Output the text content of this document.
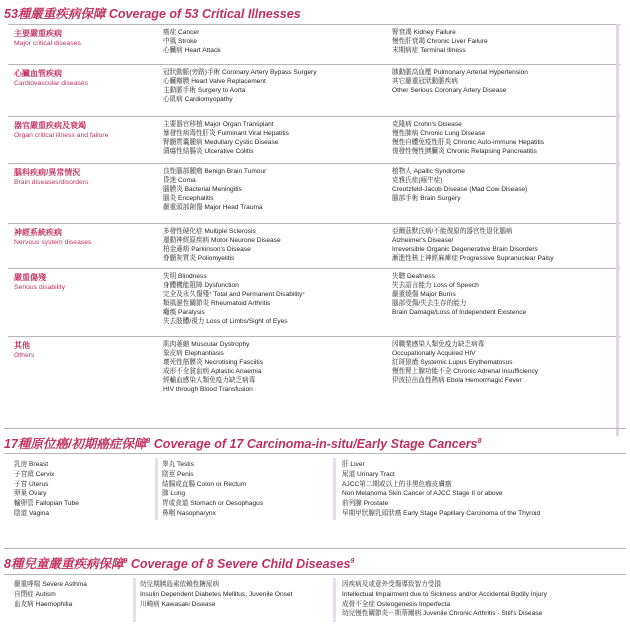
53種嚴重疾病保障 Coverage of 53 Critical Illnesses
主要嚴重疾病
Major critical diseases
癌症 Cancer
中風 Stroke
心臟病 Heart Attack
腎衰竭 Kidney Failure
慢性肝衰竭 Chronic Liver Failure
末期病症 Terminal Illness
心臟血管疾病
Cardiovascular diseases
冠狀動脈(旁路)手術 Coronary Artery Bypass Surgery
心臟瓣膜 Heart Valve Replacement
主動脈手術 Surgery to Aorta
心肌病 Cardiomyopathy
肺動脈高血壓 Pulmonary Arterial Hypertension
其它嚴重冠狀動脈疾病
Other Serious Coronary Artery Disease
器官嚴重疾病及衰竭
Organ critical illness and failure
主要器官移植 Major Organ Transplant
暴發性病毒性肝炎 Fulminant Viral Hepatitis
腎髓質囊腫病 Medullary Cystic Disease
潰瘍性結腸炎 Ulcerative Colitis
克隆病 Crohn's Disease
慢性肺病 Chronic Lung Disease
慢性自體免疫性肝炎 Chronic Auto-immune Hepatitis
復發性慢性胰臟炎 Chronic Relapsing Pancreatitis
腦科疾病/異常情況
Brain diseases/disorders
良性腦部腫瘤 Benign Brain Tumour
昏迷 Coma
腦膜炎 Bacterial Meningitis
腦炎 Encephalitis
嚴重頭部創傷 Major Head Trauma
植物人 Apallic Syndrome
克雅氏症(瘋牛症)
Creutzfeld-Jacob Disease (Mad Cow Disease)
腦部手術 Brain Surgery
神經系統疾病
Nervous system diseases
多發性硬化症 Multiple Sclerosis
運動神經原疾病 Motor Neurone Disease
柏金遜病 Parkinson's Disease
脊髓灰質炎 Poliomyelitis
亞爾茲默氏病/不能復原的器官性退化腦病
Alzheimer's Disease/
Irreversible Organic Degenerative Brain Disorders
漸進性核上神經麻痺症 Progressive Supranuclear Palsy
嚴重傷殘
Serious disability
失明 Blindness
身體機能阻障 Dysfunction
完全及永久傷殘⁷ Total and Permanent Disability⁷
類風濕性關節炎 Rheumatoid Arthritis
癱瘓 Paralysis
失去肢體/視力 Loss of Limbs/Sight of Eyes
失聰 Deafness
失去語言能力 Loss of Speech
嚴重燒傷 Major Burns
腦部受傷/失去生存的能力
Brain Damage/Loss of Independent Existence
其他
Others
肌肉萎縮 Muscular Dystrophy
象皮病 Elephantiasis
壞死性筋膜炎 Necrotising Fasciitis
成形不全貧血病 Aplastic Anaemia
經輸血感染人類免疫力缺乏病毒
HIV through Blood Transfusion
因職業感染人類免疫力缺乏病毒
Occupationally Acquired HIV
紅斑狼瘡 Systemic Lupus Erythematosus
慢性腎上腺功能不全 Chronic Adrenal Insufficiency
伊波拉出血性熱病 Ebola Hemorrhagic Fever
17種原位癌/初期癌症保障$^8$ Coverage of 17 Carcinoma-in-situ/Early Stage Cancers$^8$
乳房 Breast
子宮頸 Cervix
子宮 Uterus
卵巢 Ovary
輸卵管 Fallopian Tube
陰道 Vagina
睾丸 Testis
陰莖 Penis
結腸或直腸 Colon or Rectum
肺 Lung
胃或食道 Stomach or Oesophagus
鼻咽 Nasopharynx
肝 Liver
尿道 Urinary Tract
AJCC第二期或以上的非黑色瘤皮膚癌
Non Melanoma Skin Cancer of AJCC Stage II or above
前列腺 Prostate
早期甲狀腺乳頭狀癌 Early Stage Papillary Carcinoma of the Thyroid
8種兒童嚴重疾病保障$^9$ Coverage of 8 Severe Child Diseases$^9$
嚴重哮喘 Severe Asthma
自閉症 Autism
血友病 Haemophilia
幼兒期胰島素依賴性糖尿病
Insulin Dependent Diabetes Mellitus, Juvenile Onset
川崎病 Kawasaki Disease
因疾病及或意外受傷導致智力受損
Intellectual Impairment due to Sickness and/or Accidental Bodily Injury
成骨不全症 Osteogenesis Imperfecta
幼兒慢性關節炎－斯蒂爾病 Juvenile Chronic Arthritis - Still's Disease
